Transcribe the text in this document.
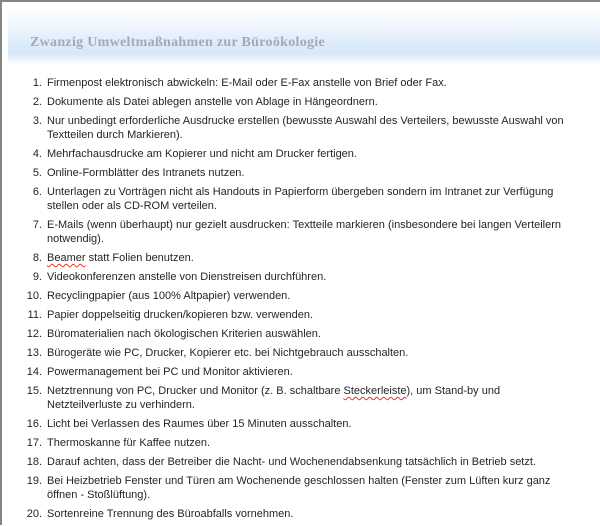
Zwanzig Umweltmaßnahmen zur Büroökologie
1. Firmenpost elektronisch abwickeln: E-Mail oder E-Fax anstelle von Brief oder Fax.
2. Dokumente als Datei ablegen anstelle von Ablage in Hängeordnern.
3. Nur unbedingt erforderliche Ausdrucke erstellen (bewusste Auswahl des Verteilers, bewusste Auswahl von Textteilen durch Markieren).
4. Mehrfachausdrucke am Kopierer und nicht am Drucker fertigen.
5. Online-Formblätter des Intranets nutzen.
6. Unterlagen zu Vorträgen nicht als Handouts in Papierform übergeben sondern im Intranet zur Verfügung stellen oder als CD-ROM verteilen.
7. E-Mails (wenn überhaupt) nur gezielt ausdrucken: Textteile markieren (insbesondere bei langen Verteilern notwendig).
8. Beamer statt Folien benutzen.
9. Videokonferenzen anstelle von Dienstreisen durchführen.
10. Recyclingpapier (aus 100% Altpapier) verwenden.
11. Papier doppelseitig drucken/kopieren bzw. verwenden.
12. Büromaterialien nach ökologischen Kriterien auswählen.
13. Bürogeräte wie PC, Drucker, Kopierer etc. bei Nichtgebrauch ausschalten.
14. Powermanagement bei PC und Monitor aktivieren.
15. Netztrennung von PC, Drucker und Monitor (z. B. schaltbare Steckerleiste), um Stand-by und Netzteilverluste zu verhindern.
16. Licht bei Verlassen des Raumes über 15 Minuten ausschalten.
17. Thermoskanne für Kaffee nutzen.
18. Darauf achten, dass der Betreiber die Nacht- und Wochenendabsenkung tatsächlich in Betrieb setzt.
19. Bei Heizbetrieb Fenster und Türen am Wochenende geschlossen halten (Fenster zum Lüften kurz ganz öffnen - Stoßlüftung).
20. Sortenreine Trennung des Büroabfalls vornehmen.
